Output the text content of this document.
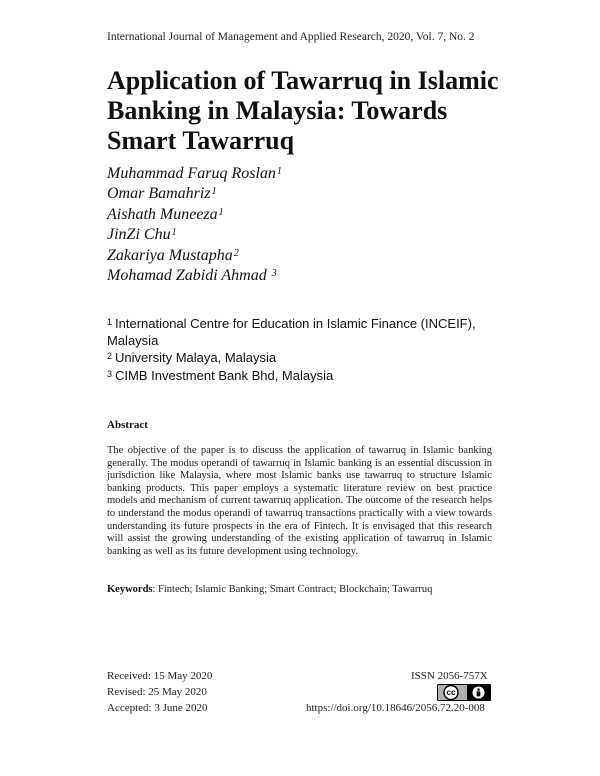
International Journal of Management and Applied Research, 2020, Vol. 7, No. 2
Application of Tawarruq in Islamic Banking in Malaysia: Towards Smart Tawarruq
Muhammad Faruq Roslan$^1$
Omar Bamahriz$^1$
Aishath Muneeza$^1$
JinZi Chu$^1$
Zakariya Mustapha$^2$
Mohamad Zabidi Ahmad $^3$
$^1$ International Centre for Education in Islamic Finance (INCEIF), Malaysia
$^2$ University Malaya, Malaysia
$^3$ CIMB Investment Bank Bhd, Malaysia
Abstract
The objective of the paper is to discuss the application of tawarruq in Islamic banking generally. The modus operandi of tawarruq in Islamic banking is an essential discussion in jurisdiction like Malaysia, where most Islamic banks use tawarruq to structure Islamic banking products. This paper employs a systematic literature review on best practice models and mechanism of current tawarruq application. The outcome of the research helps to understand the modus operandi of tawarruq transactions practically with a view towards understanding its future prospects in the era of Fintech. It is envisaged that this research will assist the growing understanding of the existing application of tawarruq in Islamic banking as well as its future development using technology.
Keywords: Fintech; Islamic Banking; Smart Contract; Blockchain; Tawarruq
Received: 15 May 2020
Revised: 25 May 2020
Accepted: 3 June 2020
ISSN 2056-757X
cc
https://doi.org/10.18646/2056.72.20-008
